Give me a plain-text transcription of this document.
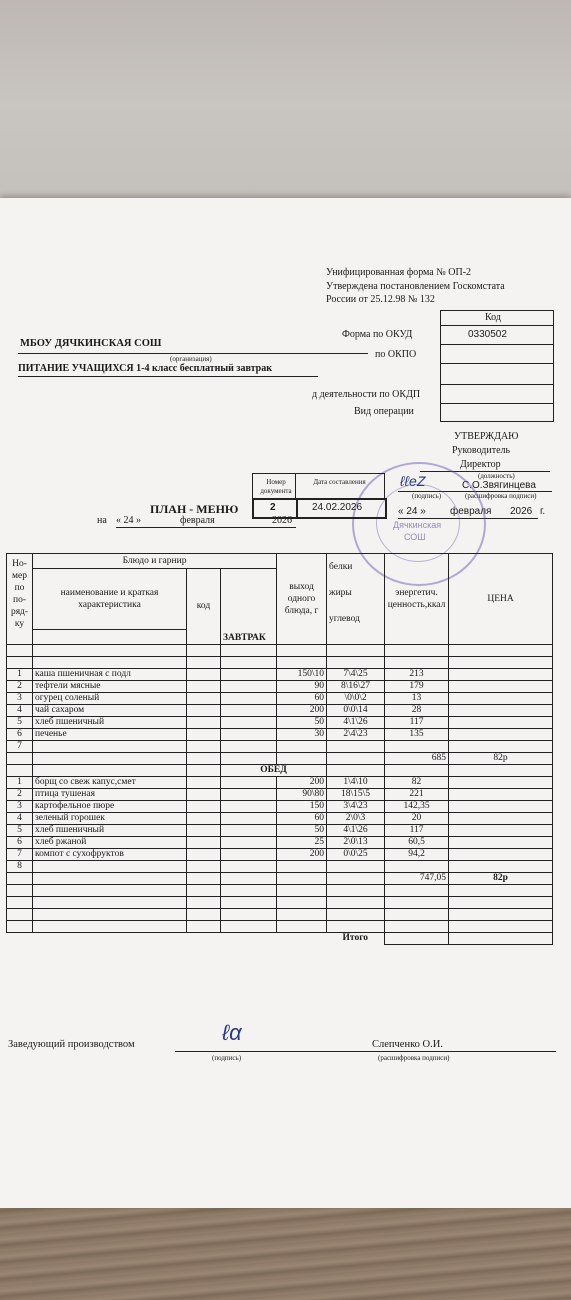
Унифицированная форма № ОП-2
Утверждена постановлением Госкомстата
России от 25.12.98 № 132
Код
0330502
Форма по ОКУД
по ОКПО
д деятельности по ОКДП
Вид операции
МБОУ ДЯЧКИНСКАЯ СОШ
(организация)
ПИТАНИЕ УЧАЩИХСЯ 1-4 класс бесплатный завтрак
УТВЕРЖДАЮ
Руководитель
Директор
(должность)
ℓℓeZ	С.О.Звягинцева
(подпись)	(расшифровка подписи)
« 24 » февраля 2026 г.
Дячкинская
СОШ
Номер документа
Дата составления
2	24.02.2026
ПЛАН - МЕНЮ
на « 24 »	февраля	2026
Но-мер по по-ряд-ку	Блюдо и гарнир			выход одного блюда, г	белки
жиры
углевод	энергетич. ценность,ккал	ЦЕНА
	наименование и краткая характеристика	код	ЗАВТРАК				

1	каша пшеничная с подл			150\10	7\4\25	213	
2	тефтели мясные			90	8\16\27	179	
3	огурец соленый			60	\0\0\2	13	
4	чай сахаром			200	0\0\14	28	
5	хлеб пшеничный			50	4\1\26	117	
6	печенье			30	2\4\23	135	
7							
						685	82р
			ОБЕД				
1	борщ со свеж капус,смет			200	1\4\10	82	
2	птица тушеная			90\80	18\15\5	221	
3	картофельное пюре			150	3\4\23	142,35	
4	зеленый горошек			60	2\0\3	20	
5	хлеб пшеничный			50	4\1\26	117	
6	хлеб ржаной			25	2\0\13	60,5	
7	компот с сухофруктов			200	0\0\25	94,2	
8							
						747,05	82р

					Итого		
Заведующий производством	ℓα	Слепченко О.И.
(подпись)	(расшифровка подписи)
